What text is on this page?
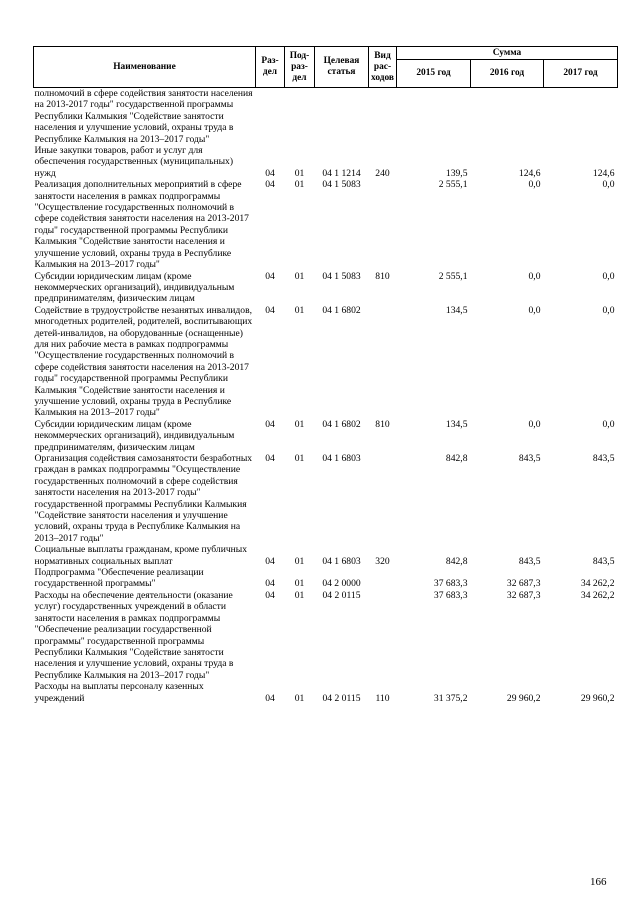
Наименование	Раз-дел	Под-раз-дел	Целевая статья	Вид рас-ходов	Сумма		
					2015 год	2016 год	2017 год
полномочий в сфере содействия занятости населения на 2013-2017 годы" государственной программы Республики Калмыкия "Содействие занятости населения и улучшение условий, охраны труда в Республике Калмыкия на 2013–2017 годы"							
Иные закупки товаров, работ и услуг для обеспечения государственных (муниципальных) нужд	04	01	04 1 1214	240	139,5	124,6	124,6
Реализация дополнительных мероприятий в сфере занятости населения в рамках подпрограммы "Осуществление государственных полномочий в сфере содействия занятости населения на 2013-2017 годы" государственной программы Республики Калмыкия "Содействие занятости населения и улучшение условий, охраны труда в Республике Калмыкия на 2013–2017 годы"	04	01	04 1 5083		2 555,1	0,0	0,0
Субсидии юридическим лицам (кроме некоммерческих организаций), индивидуальным предпринимателям, физическим лицам	04	01	04 1 5083	810	2 555,1	0,0	0,0
Содействие в трудоустройстве незанятых инвалидов, многодетных родителей, родителей, воспитывающих детей-инвалидов, на оборудованные (оснащенные) для них рабочие места в рамках подпрограммы "Осуществление государственных полномочий в сфере содействия занятости населения на 2013-2017 годы" государственной программы Республики Калмыкия "Содействие занятости населения и улучшение условий, охраны труда в Республике Калмыкия на 2013–2017 годы"	04	01	04 1 6802		134,5	0,0	0,0
Субсидии юридическим лицам (кроме некоммерческих организаций), индивидуальным предпринимателям, физическим лицам	04	01	04 1 6802	810	134,5	0,0	0,0
Организация содействия самозанятости безработных граждан в рамках подпрограммы "Осуществление государственных полномочий в сфере содействия занятости населения на 2013-2017 годы" государственной программы Республики Калмыкия "Содействие занятости населения и улучшение условий, охраны труда в Республике Калмыкия на 2013–2017 годы"	04	01	04 1 6803		842,8	843,5	843,5
Социальные выплаты гражданам, кроме публичных нормативных социальных выплат	04	01	04 1 6803	320	842,8	843,5	843,5
Подпрограмма "Обеспечение реализации государственной программы"	04	01	04 2 0000		37 683,3	32 687,3	34 262,2
Расходы на обеспечение деятельности (оказание услуг) государственных учреждений в области занятости населения в рамках подпрограммы "Обеспечение реализации государственной программы" государственной программы Республики Калмыкия "Содействие занятости населения и улучшение условий, охраны труда в Республике Калмыкия на 2013–2017 годы"	04	01	04 2 0115		37 683,3	32 687,3	34 262,2
Расходы на выплаты персоналу казенных учреждений	04	01	04 2 0115	110	31 375,2	29 960,2	29 960,2
166
